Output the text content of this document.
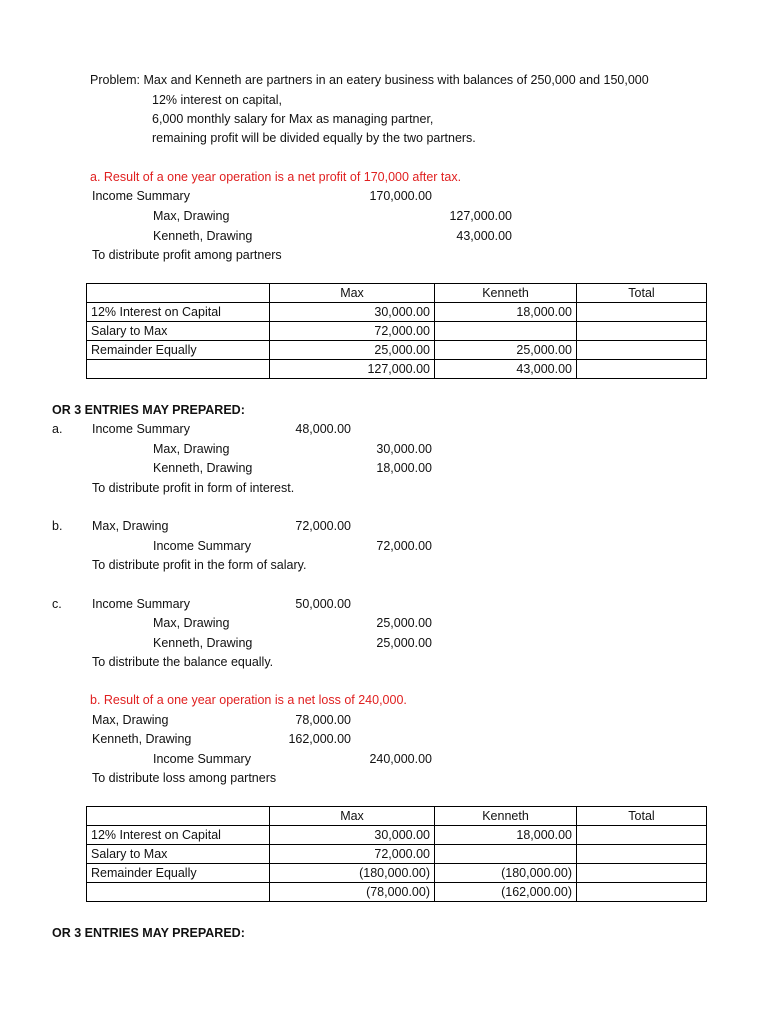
Problem: Max and Kenneth are partners in an eatery business with balances of 250,000 and 150,000
12% interest on capital,
6,000 monthly salary for Max as managing partner,
remaining profit will be divided equally by the two partners.
a. Result of a one year operation is a net profit of 170,000 after tax.
Income Summary	170,000.00
Max, Drawing	127,000.00
Kenneth, Drawing	43,000.00
To distribute profit among partners
	Max	Kenneth	Total
12% Interest on Capital	30,000.00	18,000.00	
Salary to Max	72,000.00		
Remainder Equally	25,000.00	25,000.00	
	127,000.00	43,000.00	
OR 3 ENTRIES MAY PREPARED:
a. Income Summary	48,000.00
Max, Drawing	30,000.00
Kenneth, Drawing	18,000.00
To distribute profit in form of interest.
b. Max, Drawing	72,000.00
Income Summary	72,000.00
To distribute profit in the form of salary.
c. Income Summary	50,000.00
Max, Drawing	25,000.00
Kenneth, Drawing	25,000.00
To distribute the balance equally.
b. Result of a one year operation is a net loss of 240,000.
Max, Drawing	78,000.00
Kenneth, Drawing	162,000.00
Income Summary	240,000.00
To distribute loss among partners
	Max	Kenneth	Total
12% Interest on Capital	30,000.00	18,000.00	
Salary to Max	72,000.00		
Remainder Equally	(180,000.00)	(180,000.00)	
	(78,000.00)	(162,000.00)	
OR 3 ENTRIES MAY PREPARED:
